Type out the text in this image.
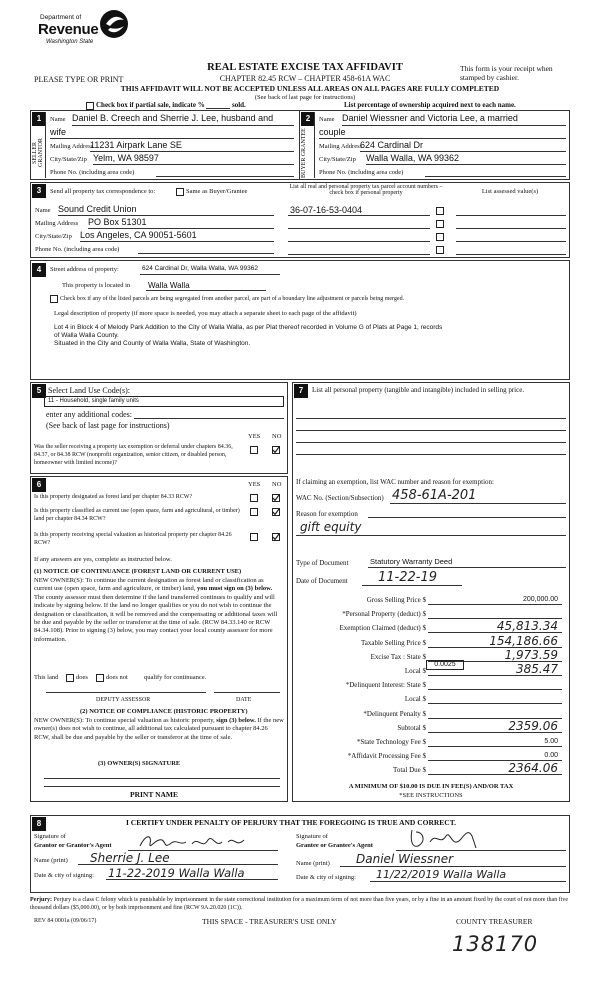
Department of
Revenue
Washington State
REAL ESTATE EXCISE TAX AFFIDAVIT
CHAPTER 82.45 RCW – CHAPTER 458-61A WAC
THIS AFFIDAVIT WILL NOT BE ACCEPTED UNLESS ALL AREAS ON ALL PAGES ARE FULLY COMPLETED
(See back of last page for instructions)
PLEASE TYPE OR PRINT
This form is your receipt when stamped by cashier.
Check box if partial sale, indicate %	sold.	List percentage of ownership acquired next to each name.
1
SELLER GRANTOR
Name Daniel B. Creech and Sherrie J. Lee, husband and
wife
Mailing Address
11231 Airpark Lane SE
City/State/Zip Yelm, WA 98597
Phone No. (including area code)
2
BUYER GRANTEE
Name Daniel Wiessner and Victoria Lee, a married
couple
Mailing Address
624 Cardinal Dr
City/State/Zip Walla Walla, WA 99362
Phone No. (including area code)
3	Send all property tax correspondence to:	Same as Buyer/Grantee
Name Sound Credit Union
Mailing Address PO Box 51301
City/State/Zip Los Angeles, CA 90051-5601
Phone No. (including area code)
List all real and personal property tax parcel account numbers – check box if personal property	List assessed value(s)
36-07-16-53-0404
4	Street address of property:	624 Cardinal Dr, Walla Walla, WA 99362
This property is located in Walla Walla
Check box if any of the listed parcels are being segregated from another parcel, are part of a boundary line adjustment or parcels being merged.
Legal description of property (if more space is needed, you may attach a separate sheet to each page of the affidavit)
Lot 4 in Block 4 of Melody Park Addition to the City of Walla Walla, as per Plat thereof recorded in Volume G of Plats at Page 1, records
of Walla Walla County.
Situated in the City and County of Walla Walla, State of Washington.
5 Select Land Use Code(s):
11 - Household, single family units
enter any additional codes:
(See back of last page for instructions)
YES NO
Was the seller receiving a property tax exemption or deferral under chapters 84.36, 84.37, or 84.38 RCW (nonprofit organization, senior citizen, or disabled person, homeowner with limited income)?
6	YES NO
Is this property designated as forest land per chapter 84.33 RCW?
Is this property classified as current use (open space, farm and agricultural, or timber) land per chapter 84.34 RCW?
Is this property receiving special valuation as historical property per chapter 84.26 RCW?
If any answers are yes, complete as instructed below.
(1) NOTICE OF CONTINUANCE (FOREST LAND OR CURRENT USE)
NEW OWNER(S): To continue the current designation as forest land or classification as current use (open space, farm and agriculture, or timber) land, you must sign on (3) below. The county assessor must then determine if the land transferred continues to qualify and will indicate by signing below. If the land no longer qualifies or you do not wish to continue the designation or classification, it will be removed and the compensating or additional taxes will be due and payable by the seller or transferor at the time of sale. (RCW 84.33.140 or RCW 84.34.108). Prior to signing (3) below, you may contact your local county assessor for more information.
This land	does	does not qualify for continuance.
DEPUTY ASSESSOR	DATE
(2) NOTICE OF COMPLIANCE (HISTORIC PROPERTY)
NEW OWNER(S): To continue special valuation as historic property, sign (3) below. If the new owner(s) does not wish to continue, all additional tax calculated pursuant to chapter 84.26 RCW, shall be due and payable by the seller or transferor at the time of sale.
(3) OWNER(S) SIGNATURE
PRINT NAME
7	List all personal property (tangible and intangible) included in selling price.
If claiming an exemption, list WAC number and reason for exemption:
WAC No. (Section/Subsection) 458-61A-201
Reason for exemption
gift equity
Type of Document	Statutory Warranty Deed
Date of Document 11-22-19
Gross Selling Price $	200,000.00
*Personal Property (deduct) $
Exemption Claimed (deduct) $	45,813.34
Taxable Selling Price $	154,186.66
Excise Tax : State $	1,973.59
Local $	385.47
*Delinquent Interest: State $
Local $
*Delinquent Penalty $
Subtotal $	2359.06
*State Technology Fee $	5.00
*Affidavit Processing Fee $	0.00
Total Due $	2364.06
0.0025
A MINIMUM OF $10.00 IS DUE IN FEE(S) AND/OR TAX
*SEE INSTRUCTIONS
8	I CERTIFY UNDER PENALTY OF PERJURY THAT THE FOREGOING IS TRUE AND CORRECT.
Signature of
Grantor or Grantor's Agent
Name (print) Sherrie J. Lee
Date & city of signing: 11-22-2019 Walla Walla
Signature of
Grantee or Grantee's Agent
Name (print) Daniel Wiessner
Date & city of signing: 11/22/2019 Walla Walla
Perjury: Perjury is a class C felony which is punishable by imprisonment in the state correctional institution for a maximum term of not more than five years, or by a fine in an amount fixed by the court of not more than five thousand dollars ($5,000.00), or by both imprisonment and fine (RCW 9A.20.020 (1C)).
REV 84 0001a (09/06/17)	THIS SPACE - TREASURER'S USE ONLY	COUNTY TREASURER
138170
